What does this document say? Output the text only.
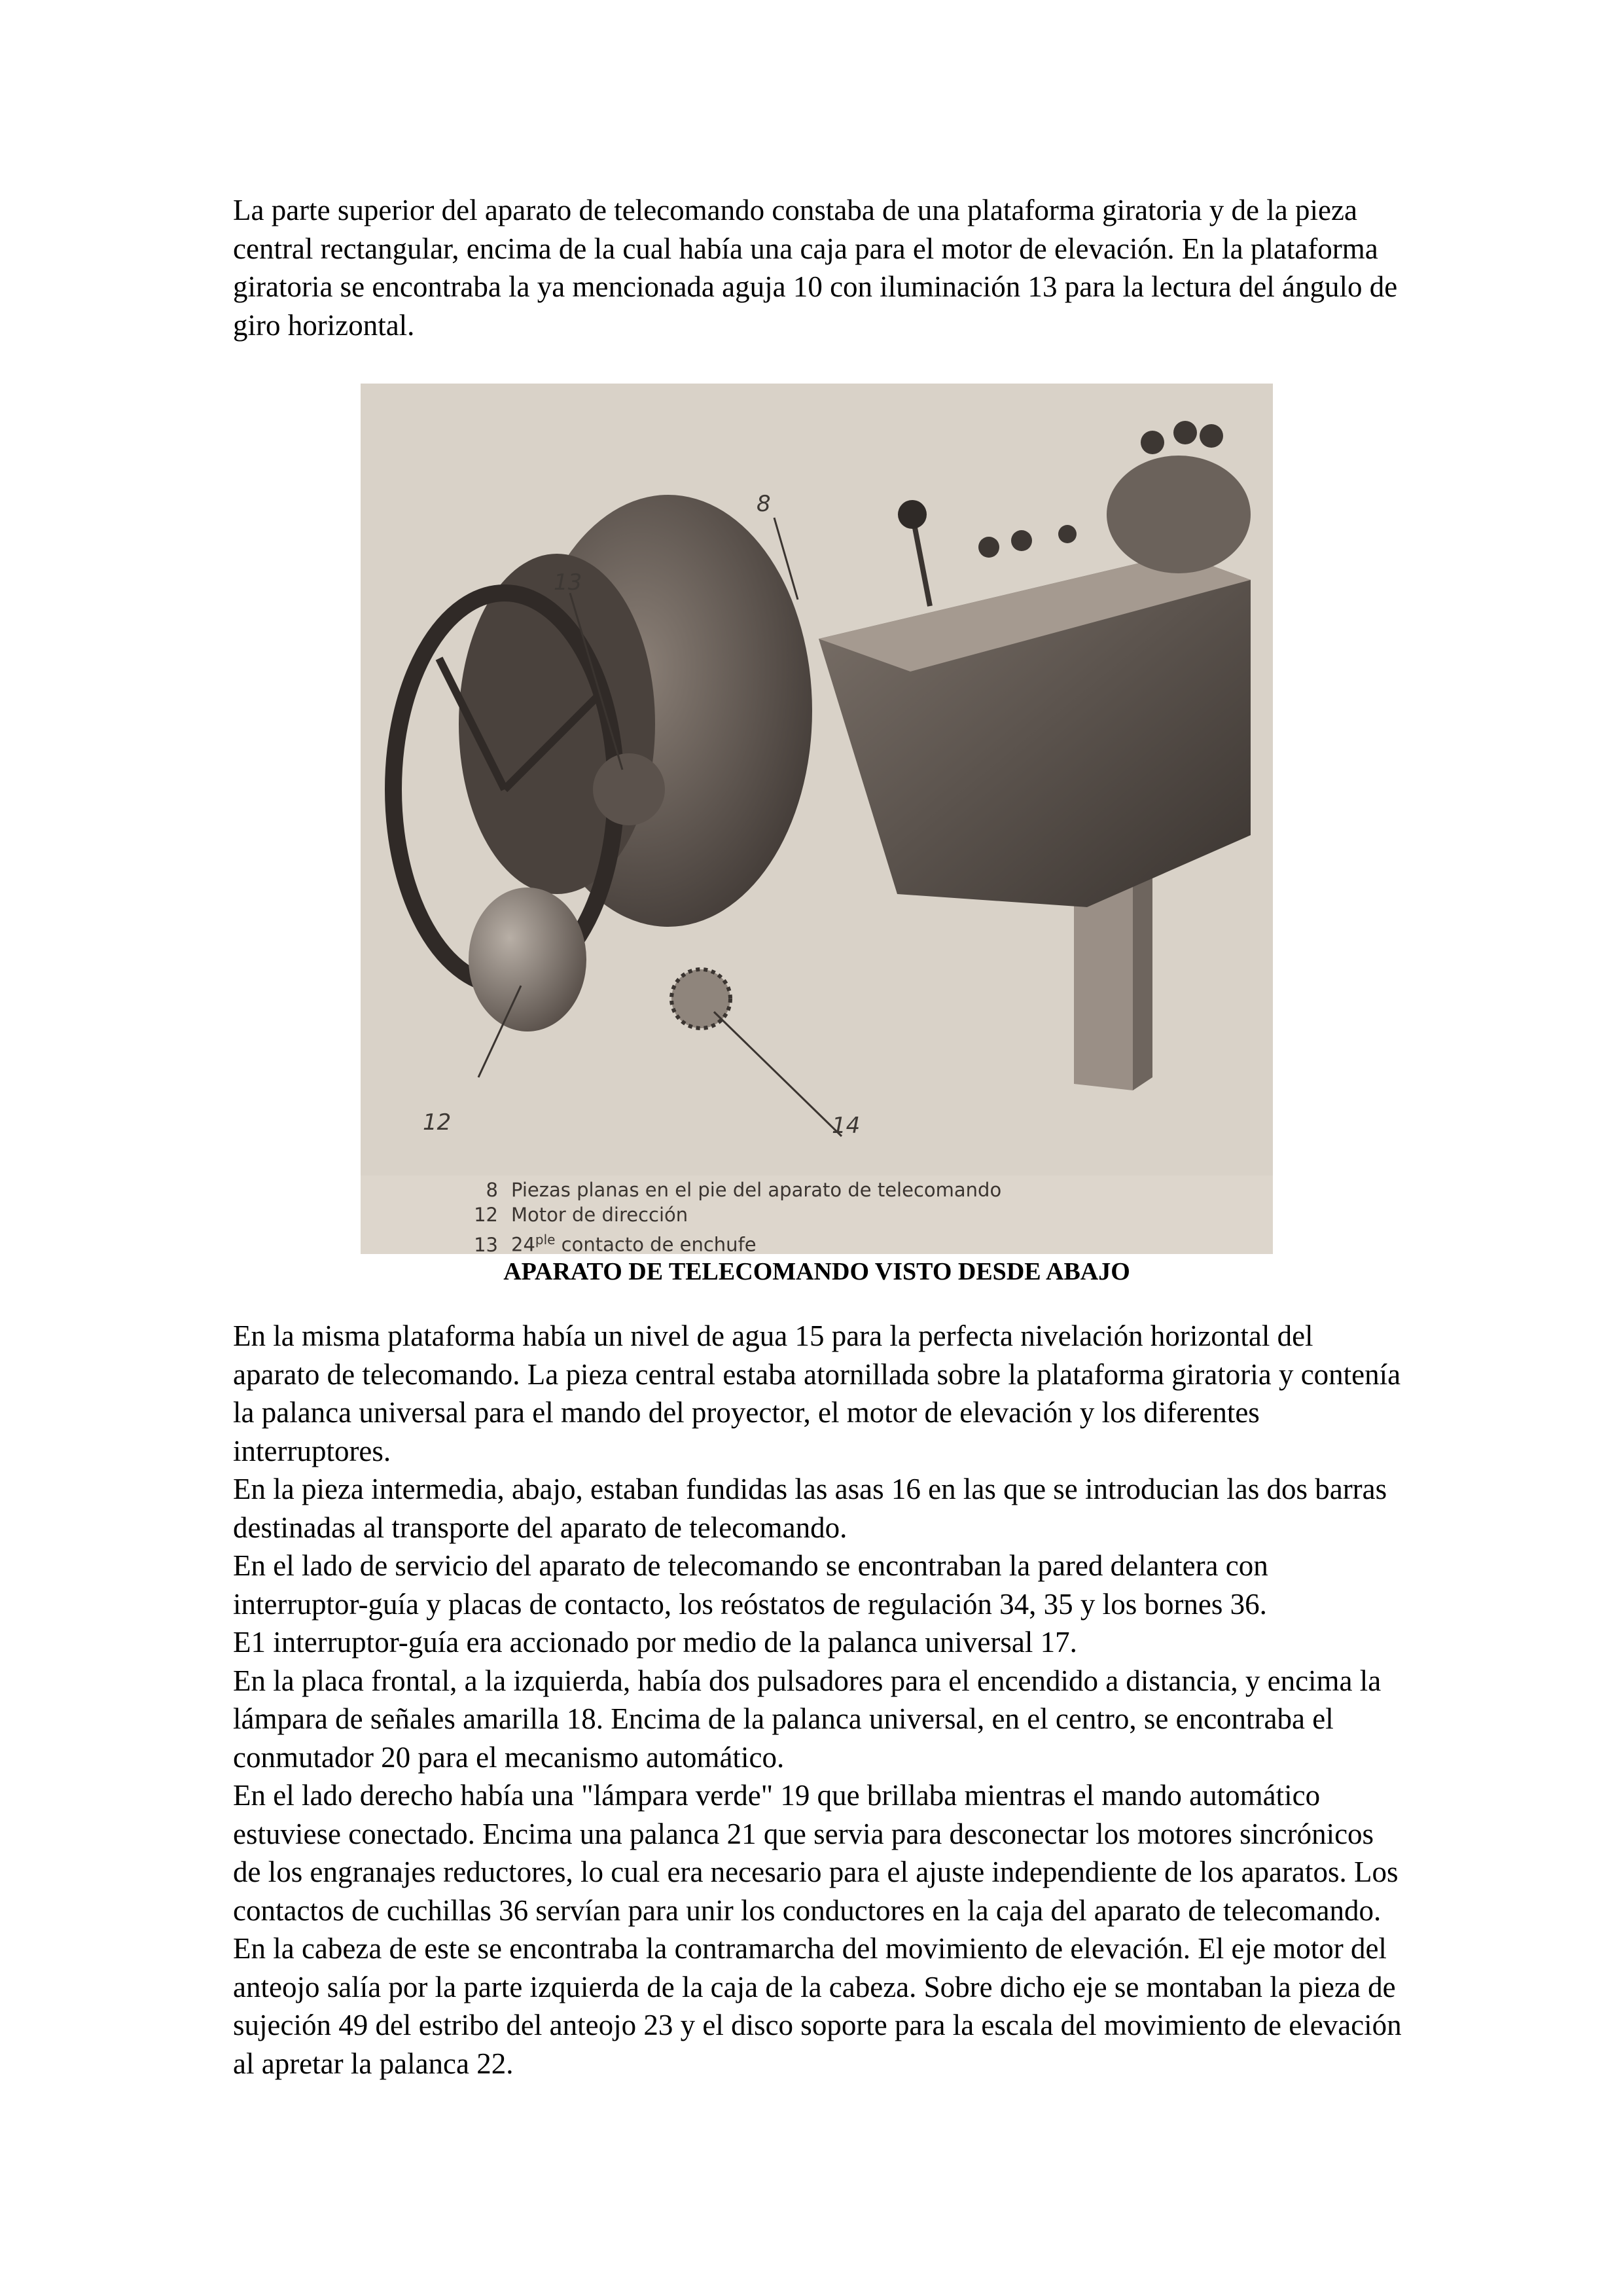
La parte superior del aparato de telecomando constaba de una plataforma giratoria y de la pieza central rectangular, encima de la cual había una caja para el motor de elevación. En la plataforma giratoria se encontraba la ya mencionada aguja 10 con iluminación 13 para la lectura del ángulo de giro horizontal.

8
13
12	14
8 Piezas planas en el pie del aparato de telecomando
12 Motor de dirección
13 $24^{ple}$ contacto de enchufe
APARATO DE TELECOMANDO VISTO DESDE ABAJO
En la misma plataforma había un nivel de agua 15 para la perfecta nivelación horizontal del aparato de telecomando. La pieza central estaba atornillada sobre la plataforma giratoria y contenía la palanca universal para el mando del proyector, el motor de elevación y los diferentes interruptores.
En la pieza intermedia, abajo, estaban fundidas las asas 16 en las que se introducian las dos barras destinadas al transporte del aparato de telecomando.
En el lado de servicio del aparato de telecomando se encontraban la pared delantera con interruptor-guía y placas de contacto, los reóstatos de regulación 34, 35 y los bornes 36.
E1 interruptor-guía era accionado por medio de la palanca universal 17.
En la placa frontal, a la izquierda, había dos pulsadores para el encendido a distancia, y encima la lámpara de señales amarilla 18. Encima de la palanca universal, en el centro, se encontraba el conmutador 20 para el mecanismo automático.
En el lado derecho había una "lámpara verde" 19 que brillaba mientras el mando automático estuviese conectado. Encima una palanca 21 que servia para desconectar los motores sincrónicos de los engranajes reductores, lo cual era necesario para el ajuste independiente de los aparatos. Los contactos de cuchillas 36 servían para unir los conductores en la caja del aparato de telecomando.
En la cabeza de este se encontraba la contramarcha del movimiento de elevación. El eje motor del anteojo salía por la parte izquierda de la caja de la cabeza. Sobre dicho eje se montaban la pieza de sujeción 49 del estribo del anteojo 23 y el disco soporte para la escala del movimiento de elevación al apretar la palanca 22.
